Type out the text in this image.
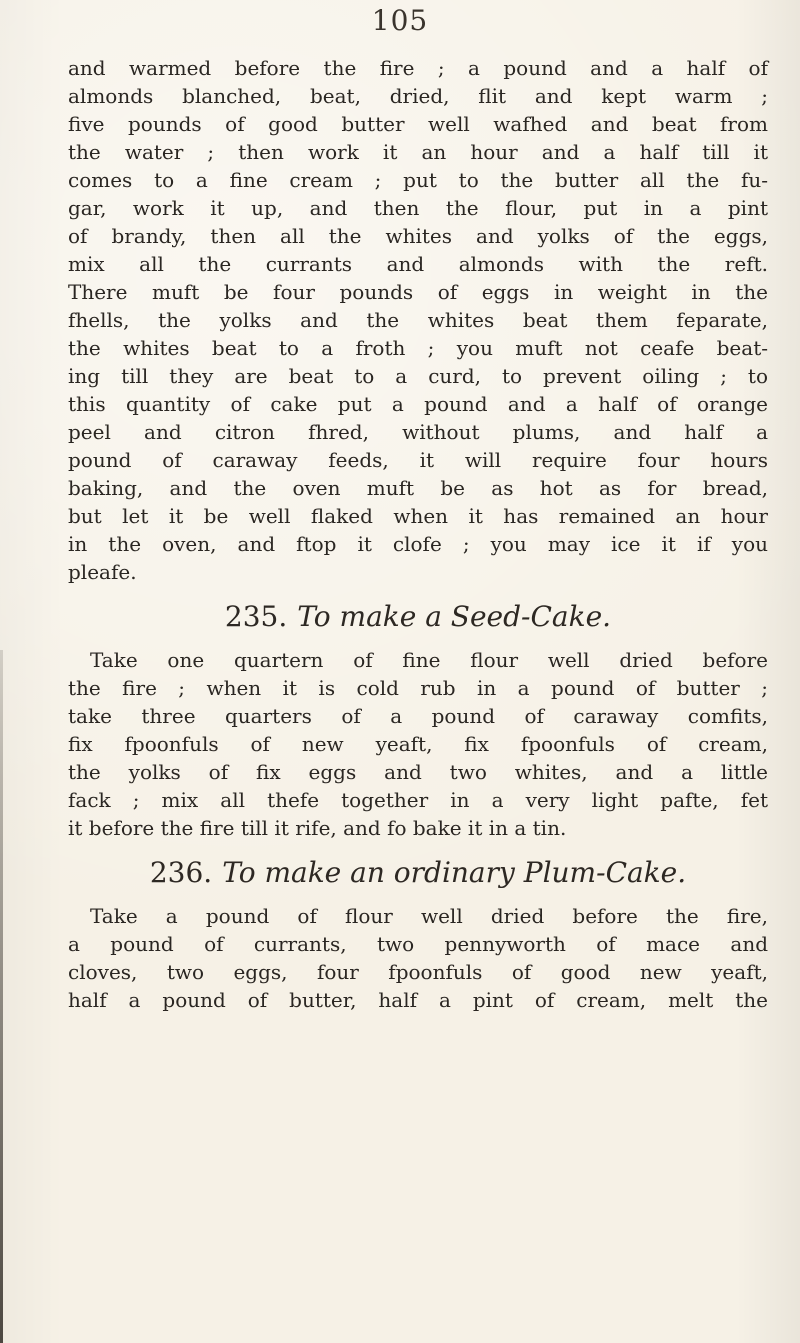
105
and warmed before the fire ; a pound and a half of
almonds blanched, beat, dried, flit and kept warm ;
five pounds of good butter well wafhed and beat from
the water ; then work it an hour and a half till it
comes to a fine cream ; put to the butter all the fu-
gar, work it up, and then the flour, put in a pint
of brandy, then all the whites and yolks of the eggs,
mix all the currants and almonds with the reft.
There muft be four pounds of eggs in weight in the
fhells, the yolks and the whites beat them feparate,
the whites beat to a froth ; you muft not ceafe beat-
ing till they are beat to a curd, to prevent oiling ; to
this quantity of cake put a pound and a half of orange
peel and citron fhred, without plums, and half a
pound of caraway feeds, it will require four hours
baking, and the oven muft be as hot as for bread,
but let it be well flaked when it has remained an hour
in the oven, and ftop it clofe ; you may ice it if you
pleafe.
235. To make a Seed-Cake.
Take one quartern of fine flour well dried before
the fire ; when it is cold rub in a pound of butter ;
take three quarters of a pound of caraway comfits,
fix fpoonfuls of new yeaft, fix fpoonfuls of cream,
the yolks of fix eggs and two whites, and a little
fack ; mix all thefe together in a very light pafte, fet
it before the fire till it rife, and fo bake it in a tin.
236. To make an ordinary Plum-Cake.
Take a pound of flour well dried before the fire,
a pound of currants, two pennyworth of mace and
cloves, two eggs, four fpoonfuls of good new yeaft,
half a pound of butter, half a pint of cream, melt the
